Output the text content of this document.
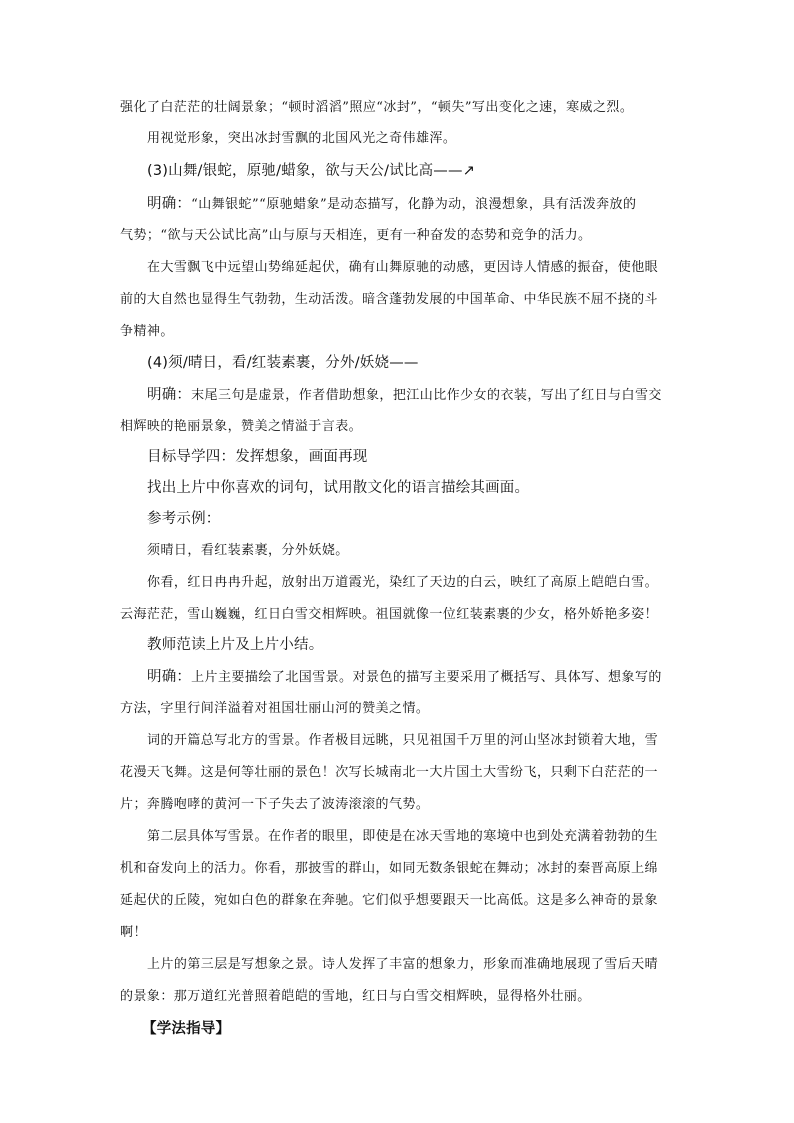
强化了白茫茫的壮阔景象；“顿时滔滔”照应“冰封”，“顿失”写出变化之速，寒威之烈。
用视觉形象，突出冰封雪飘的北国风光之奇伟雄浑。
(3)山舞/银蛇，原驰/蜡象，欲与天公/试比高——↗
明确：“山舞银蛇”“原驰蜡象”是动态描写，化静为动，浪漫想象，具有活泼奔放的
气势；“欲与天公试比高”山与原与天相连，更有一种奋发的态势和竞争的活力。
在大雪飘飞中远望山势绵延起伏，确有山舞原驰的动感，更因诗人情感的振奋，使他眼
前的大自然也显得生气勃勃，生动活泼。暗含蓬勃发展的中国革命、中华民族不屈不挠的斗
争精神。
(4)须/晴日，看/红装素裹，分外/妖娆——
明确：末尾三句是虚景，作者借助想象，把江山比作少女的衣装，写出了红日与白雪交
相辉映的艳丽景象，赞美之情溢于言表。
目标导学四：发挥想象，画面再现
找出上片中你喜欢的词句，试用散文化的语言描绘其画面。
参考示例：
须晴日，看红装素裹，分外妖娆。
你看，红日冉冉升起，放射出万道霞光，染红了天边的白云，映红了高原上皑皑白雪。
云海茫茫，雪山巍巍，红日白雪交相辉映。祖国就像一位红装素裹的少女，格外娇艳多姿！
教师范读上片及上片小结。
明确：上片主要描绘了北国雪景。对景色的描写主要采用了概括写、具体写、想象写的
方法，字里行间洋溢着对祖国壮丽山河的赞美之情。
词的开篇总写北方的雪景。作者极目远眺，只见祖国千万里的河山坚冰封锁着大地，雪
花漫天飞舞。这是何等壮丽的景色！次写长城南北一大片国土大雪纷飞，只剩下白茫茫的一
片；奔腾咆哮的黄河一下子失去了波涛滚滚的气势。
第二层具体写雪景。在作者的眼里，即使是在冰天雪地的寒境中也到处充满着勃勃的生
机和奋发向上的活力。你看，那披雪的群山，如同无数条银蛇在舞动；冰封的秦晋高原上绵
延起伏的丘陵，宛如白色的群象在奔驰。它们似乎想要跟天一比高低。这是多么神奇的景象
啊！
上片的第三层是写想象之景。诗人发挥了丰富的想象力，形象而准确地展现了雪后天晴
的景象：那万道红光普照着皑皑的雪地，红日与白雪交相辉映，显得格外壮丽。
【学法指导】
